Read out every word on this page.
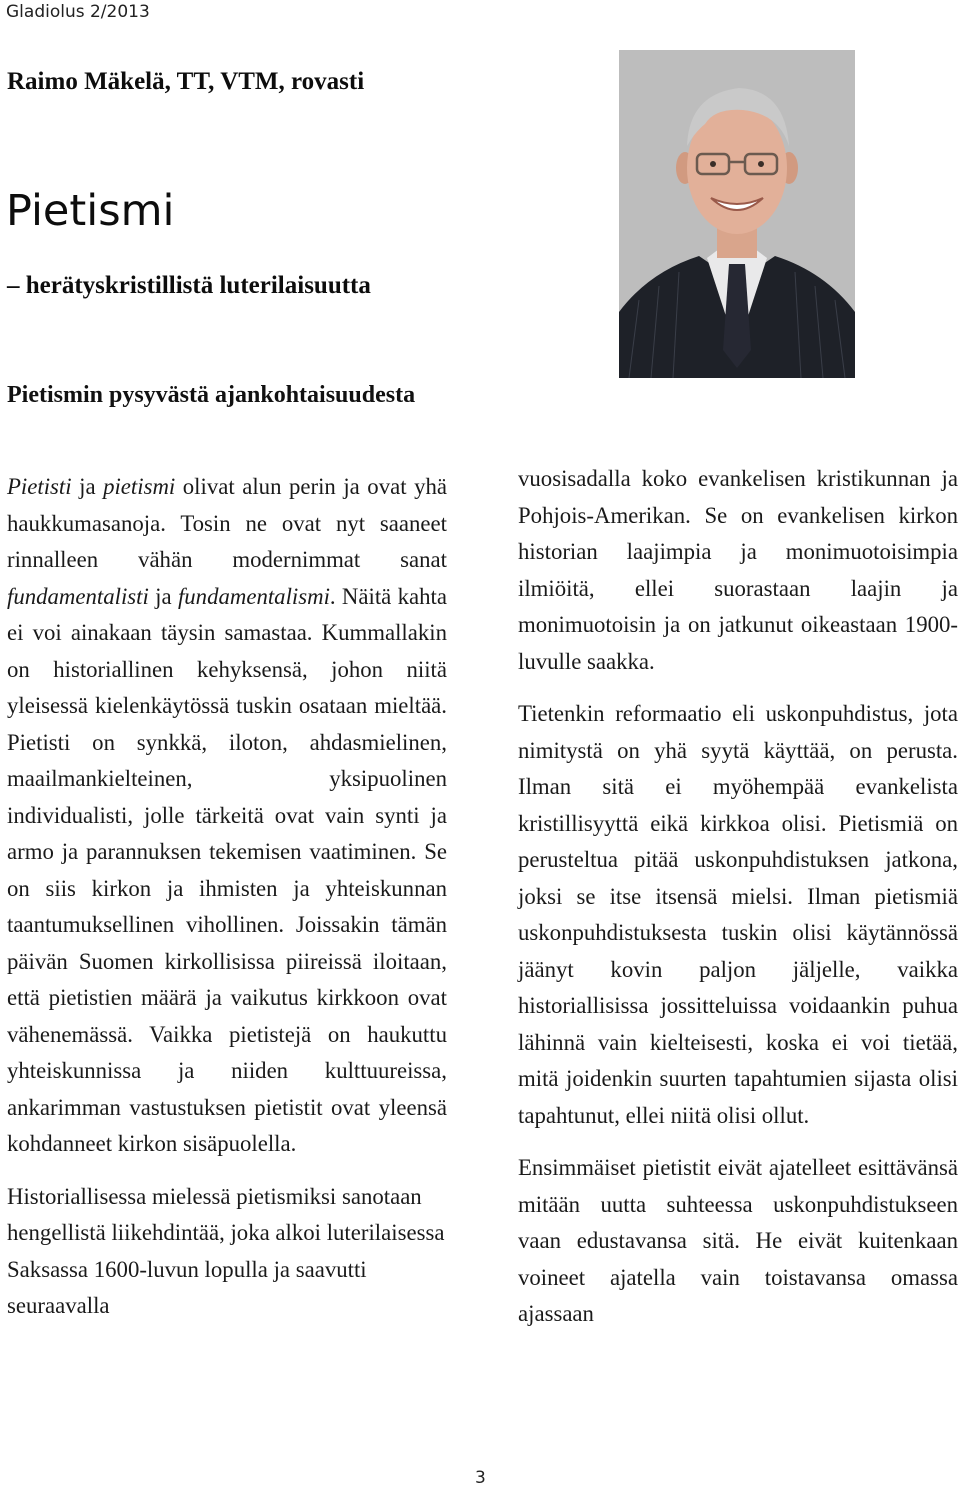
Gladiolus 2/2013
Raimo Mäkelä, TT, VTM, rovasti
Pietismi
– herätyskristillistä luterilaisuutta
Pietismin pysyvästä ajankohtaisuudesta

Pietisti ja pietismi olivat alun perin ja ovat yhä haukkumasanoja. Tosin ne ovat nyt saaneet rinnalleen vähän modernimmat sanat fundamentalisti ja fundamentalismi. Näitä kahta ei voi ainakaan täysin samastaa. Kummallakin on historiallinen kehyksensä, johon niitä yleisessä kielenkäytössä tuskin osataan mieltää. Pietisti on synkkä, iloton, ahdasmielinen, maailmankielteinen, yksipuolinen individualisti, jolle tärkeitä ovat vain synti ja armo ja parannuksen tekemisen vaatiminen. Se on siis kirkon ja ihmisten ja yhteiskunnan taantumuksellinen vihollinen. Joissakin tämän päivän Suomen kirkollisissa piireissä iloitaan, että pietistien määrä ja vaikutus kirkkoon ovat vähenemässä. Vaikka pietistejä on haukuttu yhteiskunnissa ja niiden kulttuureissa, ankarimman vastustuksen pietistit ovat yleensä kohdanneet kirkon sisäpuolella.

Historiallisessa mielessä pietismiksi sanotaan hengellistä liikehdintää, joka alkoi luterilaisessa Saksassa 1600-luvun lopulla ja saavutti seuraavalla

vuosisadalla koko evankelisen kristikunnan ja Pohjois-Amerikan. Se on evankelisen kirkon historian laajimpia ja monimuotoisimpia ilmiöitä, ellei suorastaan laajin ja monimuotoisin ja on jatkunut oikeastaan 1900-luvulle saakka.

Tietenkin reformaatio eli uskonpuhdistus, jota nimitystä on yhä syytä käyttää, on perusta. Ilman sitä ei myöhempää evankelista kristillisyyttä eikä kirkkoa olisi. Pietismiä on perusteltua pitää uskonpuhdistuksen jatkona, joksi se itse itsensä mielsi. Ilman pietismiä uskonpuhdistuksesta tuskin olisi käytännössä jäänyt kovin paljon jäljelle, vaikka historiallisissa jossitteluissa voidaankin puhua lähinnä vain kielteisesti, koska ei voi tietää, mitä joidenkin suurten tapahtumien sijasta olisi tapahtunut, ellei niitä olisi ollut.

Ensimmäiset pietistit eivät ajatelleet esittävänsä mitään uutta suhteessa uskonpuhdistukseen vaan edustavansa sitä. He eivät kuitenkaan voineet ajatella vain toistavansa omassa ajassaan

3
